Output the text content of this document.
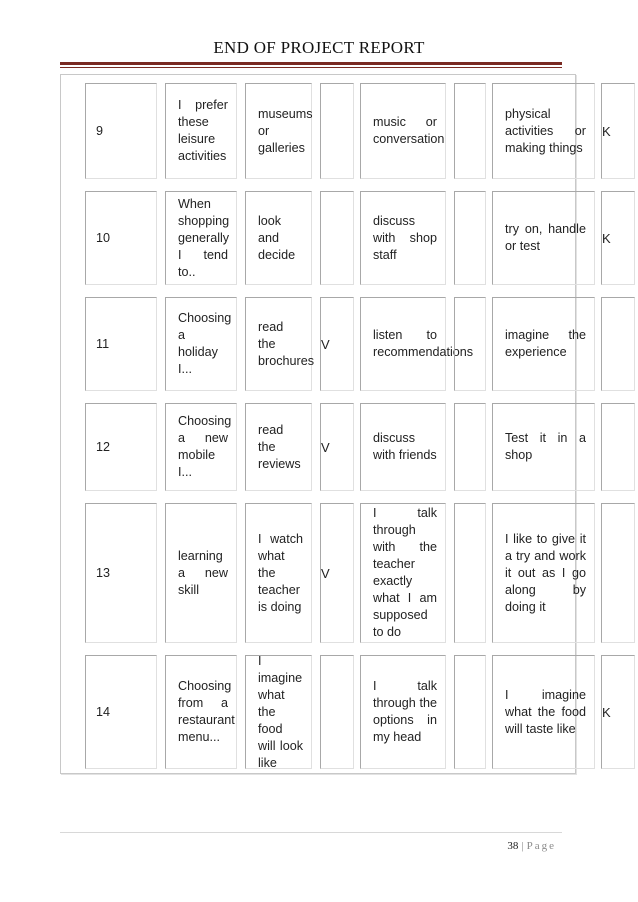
END OF PROJECT REPORT
9
I prefer these leisure activities
museums or galleries
music or conversation
physical activities or making things
K
10
When shopping generally I tend to..
look and decide
discuss with shop staff
try on, handle or test
K
11
Choosing a holiday I...
read the brochures
V
listen to recommendations
imagine the experience
12
Choosing a new mobile I...
read the reviews
V
discuss with friends
Test it in a shop
13
learning a new skill
I watch what the teacher is doing
V
I talk through with the teacher exactly what I am supposed to do
I like to give it a try and work it out as I go along by doing it
14
Choosing from a restaurant menu...
I imagine what the food will look like
I talk through the options in my head
I imagine what the food will taste like
K
38 | Page
